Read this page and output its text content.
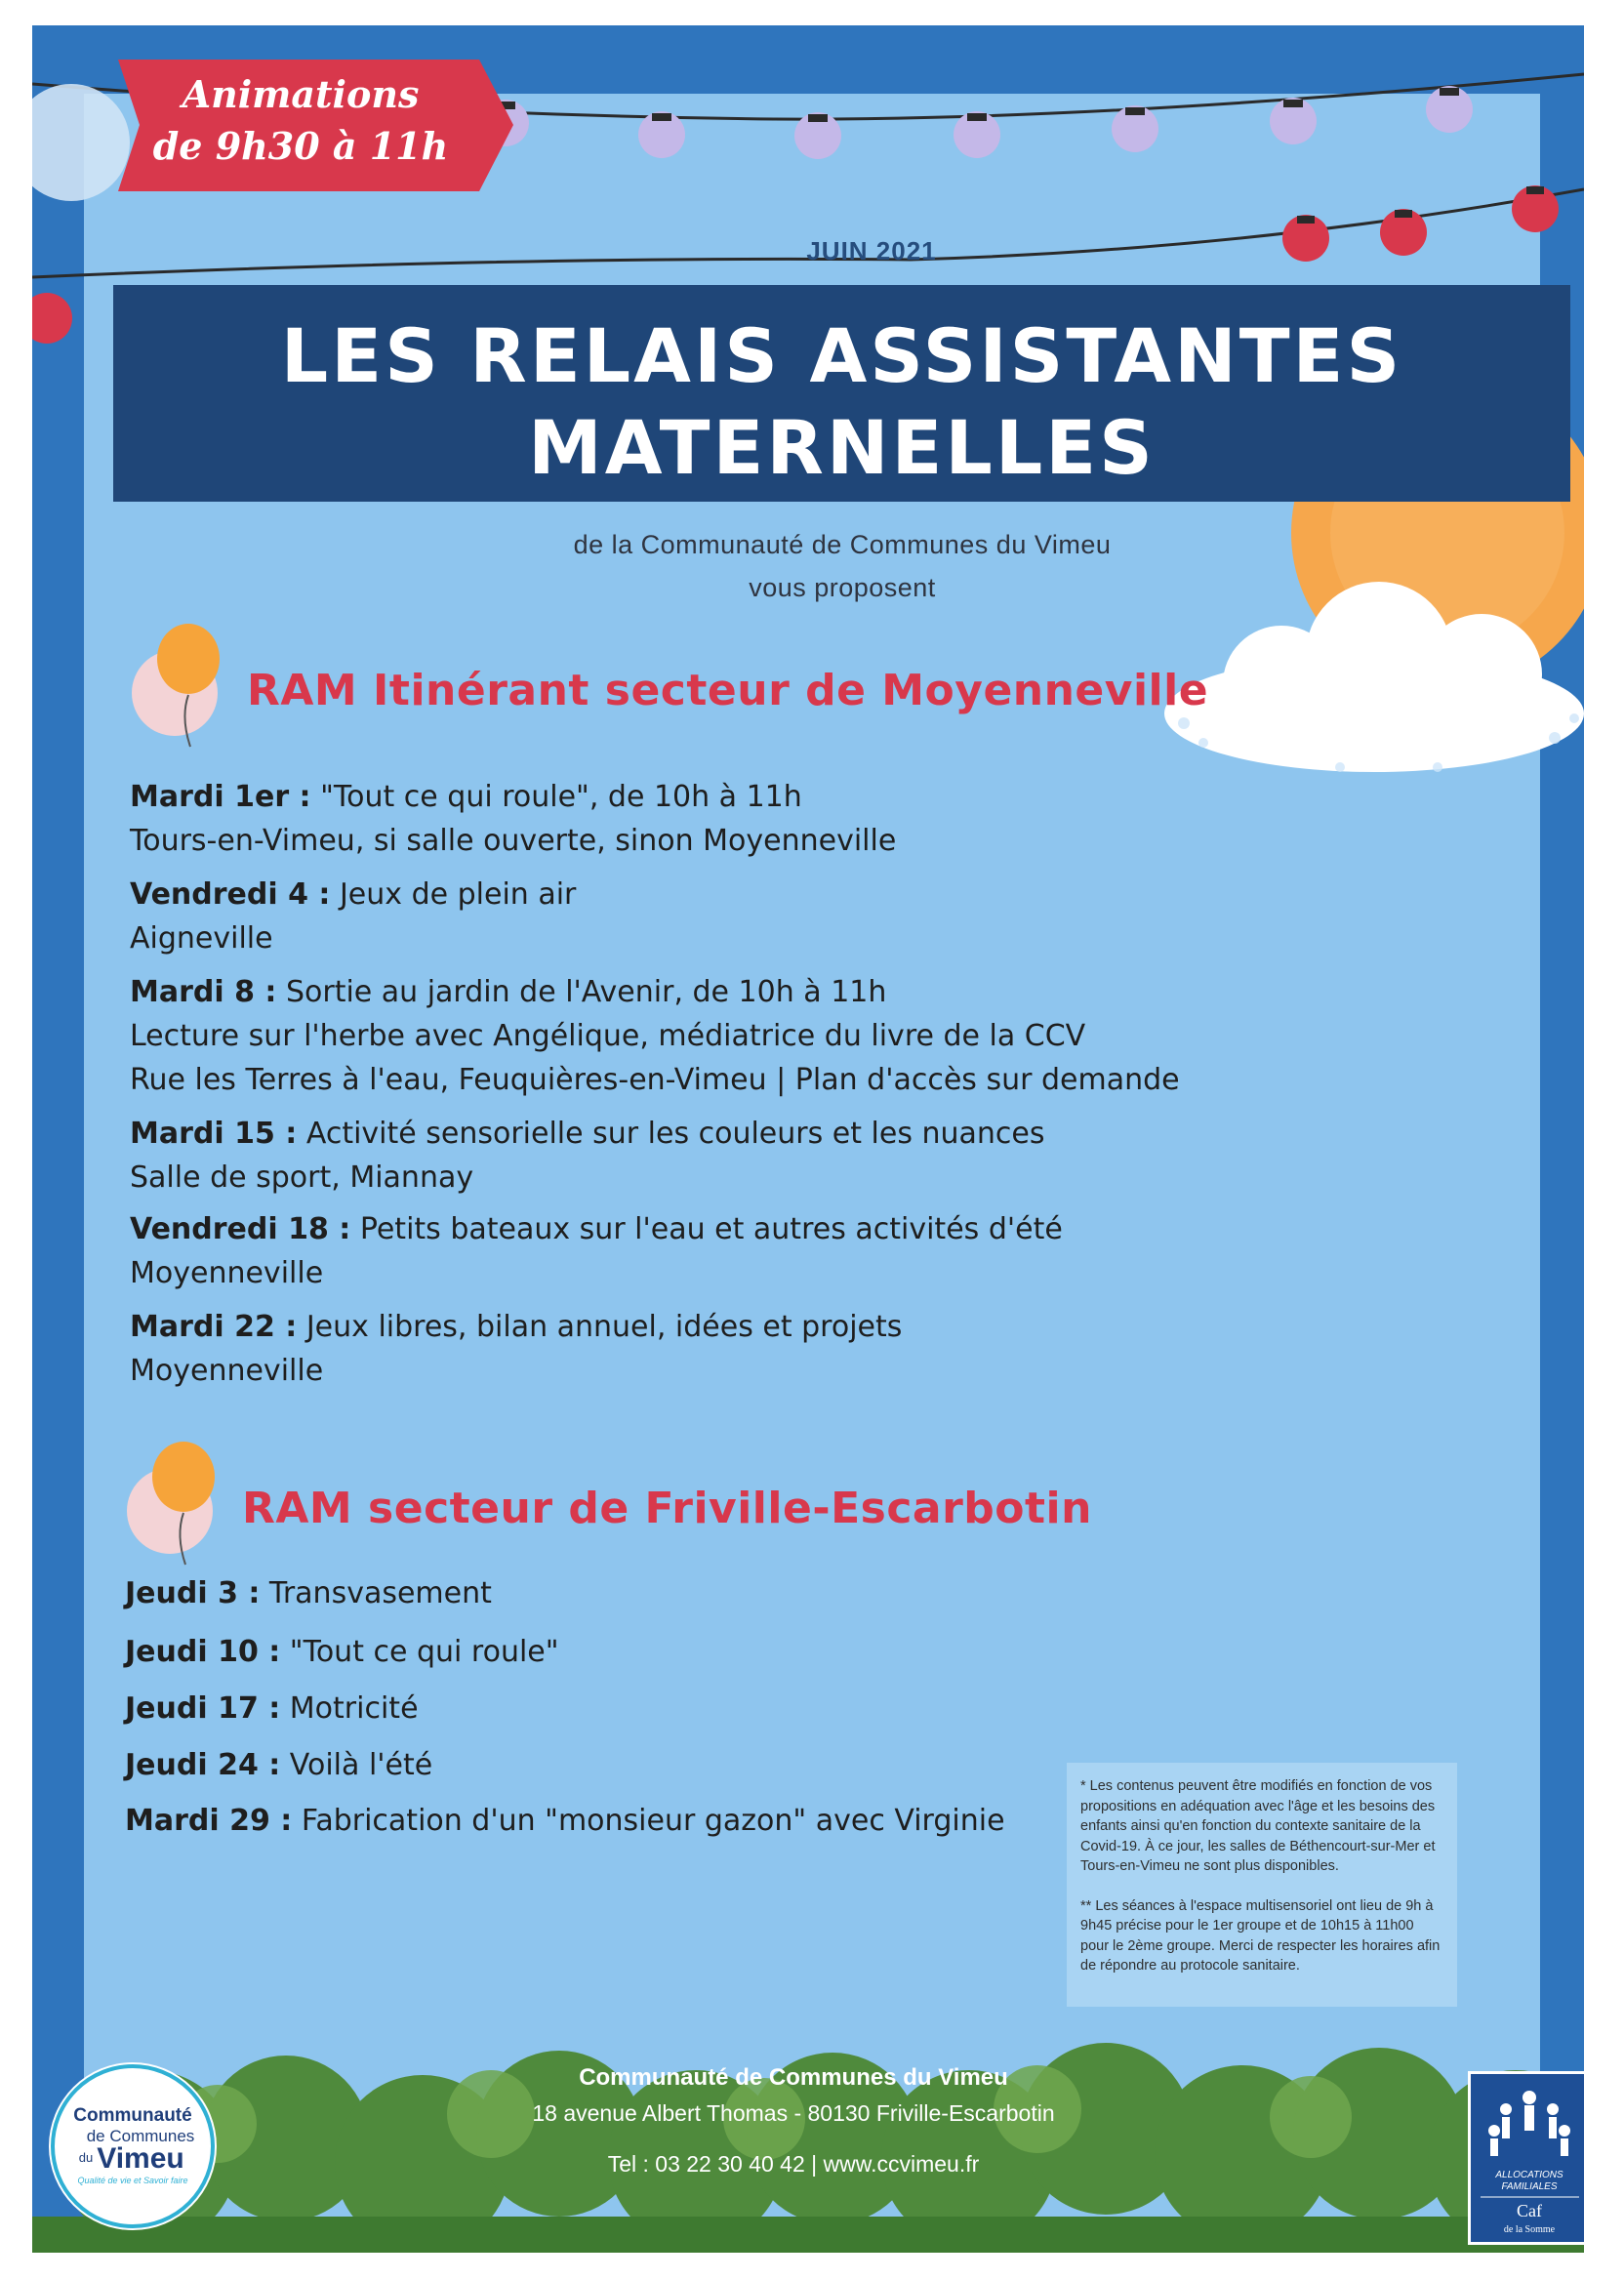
Animations
de 9h30 à 11h
JUIN 2021
LES RELAIS ASSISTANTES
MATERNELLES
de la Communauté de Communes du Vimeu
vous proposent
RAM Itinérant secteur de Moyenneville
Mardi 1er : "Tout ce qui roule", de 10h à 11h
Tours-en-Vimeu, si salle ouverte, sinon Moyenneville
Vendredi 4 : Jeux de plein air
Aigneville
Mardi 8 : Sortie au jardin de l'Avenir, de 10h à 11h
Lecture sur l'herbe avec Angélique, médiatrice du livre de la CCV
Rue les Terres à l'eau, Feuquières-en-Vimeu | Plan d'accès sur demande
Mardi 15 : Activité sensorielle sur les couleurs et les nuances
Salle de sport, Miannay
Vendredi 18 : Petits bateaux sur l'eau et autres activités d'été
Moyenneville
Mardi 22 : Jeux libres, bilan annuel, idées et projets
Moyenneville
RAM secteur de Friville-Escarbotin
Jeudi 3 : Transvasement
Jeudi 10 : "Tout ce qui roule"
Jeudi 17 : Motricité
Jeudi 24 : Voilà l'été
Mardi 29 : Fabrication d'un "monsieur gazon" avec Virginie

* Les contenus peuvent être modifiés en fonction de vos propositions en adéquation avec l'âge et les besoins des enfants ainsi qu'en fonction du contexte sanitaire de la Covid-19. À ce jour, les salles de Béthencourt-sur-Mer et Tours-en-Vimeu ne sont plus disponibles.

** Les séances à l'espace multisensoriel ont lieu de 9h à 9h45 précise pour le 1er groupe et de 10h15 à 11h00 pour le 2ème groupe. Merci de respecter les horaires afin de répondre au protocole sanitaire.

Communauté de Communes du Vimeu
18 avenue Albert Thomas - 80130 Friville-Escarbotin
Tel : 03 22 30 40 42 | www.ccvimeu.fr
Communauté
de Communes
du Vimeu
Qualité de vie et Savoir faire	ALLOCATIONS
FAMILIALES
Caf
de la Somme
